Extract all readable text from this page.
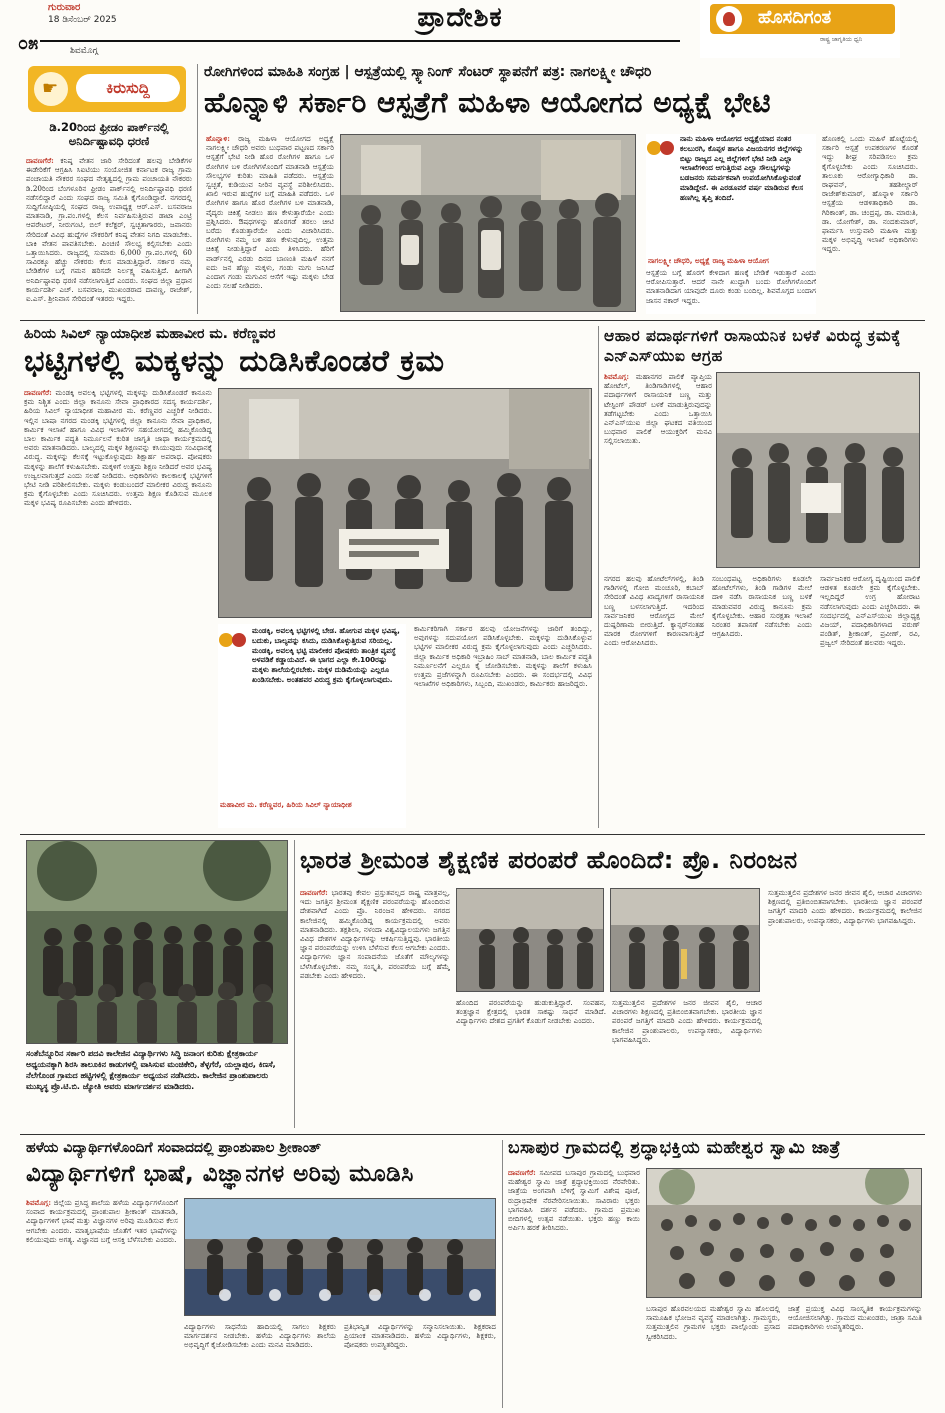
೦೫
ಗುರುವಾರ
18 ಡಿಸೆಂಬರ್ 2025
ಶಿವಮೊಗ್ಗ
ಪ್ರಾದೇಶಿಕ	ಹೊಸದಿಗಂತ
ರಾಷ್ಟ್ರ ಜಾಗೃತಿಯ ಧ್ವನಿ
☛	ಕಿರುಸುದ್ದಿ
ಡಿ.20ರಿಂದ ಫ್ರೀಡಂ ಪಾರ್ಕ್‌ನಲ್ಲಿ ಅನಿರ್ದಿಷ್ಟಾವಧಿ ಧರಣಿ
ದಾವಣಗೆರೆ: ಕನಿಷ್ಠ ವೇತನ ಜಾರಿ ಸೇರಿದಂತೆ ಹಲವು ಬೇಡಿಕೆಗಳ ಈಡೇರಿಕೆಗೆ ಆಗ್ರಹಿಸಿ ಸಿಐಟಿಯು ಸಂಯೋಜಿತ ಕರ್ನಾಟಕ ರಾಜ್ಯ ಗ್ರಾಮ ಪಂಚಾಯತಿ ನೌಕರರ ಸಂಘದ ನೇತೃತ್ವದಲ್ಲಿ ಗ್ರಾಮ ಪಂಚಾಯತಿ ನೌಕರರು ಡಿ.20ರಿಂದ ಬೆಂಗಳೂರಿನ ಫ್ರೀಡಂ ಪಾರ್ಕ್‌ನಲ್ಲಿ ಅನಿರ್ದಿಷ್ಟಾವಧಿ ಧರಣಿ ನಡೆಸಲಿದ್ದಾರೆ ಎಂದು ಸಂಘದ ರಾಜ್ಯ ಸಮಿತಿ ಕೈಗೊಂಡಿದ್ದಾರೆ. ನಗರದಲ್ಲಿ ಸುದ್ದಿಗೋಷ್ಠಿಯಲ್ಲಿ ಸಂಘದ ರಾಜ್ಯ ಉಪಾಧ್ಯಕ್ಷ ಆರ್.ಎಸ್. ಬಸವರಾಜ ಮಾತನಾಡಿ, ಗ್ರಾ.ಪಂ.ಗಳಲ್ಲಿ ಕೆಲಸ ನಿರ್ವಹಿಸುತ್ತಿರುವ ಡಾಟಾ ಎಂಟ್ರಿ ಆಪರೇಟರ್, ನೀರುಗಂಟಿ, ಬಿಲ್ ಕಲೆಕ್ಟರ್, ಸ್ವಚ್ಛತಾಗಾರರು, ಜವಾನರು ಸೇರಿದಂತೆ ವಿವಿಧ ಹುದ್ದೆಗಳ ನೌಕರರಿಗೆ ಕನಿಷ್ಠ ವೇತನ ನಿಗದಿ ಮಾಡಬೇಕು. ಬಾಕಿ ವೇತನ ಪಾವತಿಸಬೇಕು. ಪಿಂಚಣಿ ಸೌಲಭ್ಯ ಕಲ್ಪಿಸಬೇಕು ಎಂದು ಒತ್ತಾಯಿಸಿದರು. ರಾಜ್ಯದಲ್ಲಿ ಸುಮಾರು 6,000 ಗ್ರಾ.ಪಂ.ಗಳಲ್ಲಿ 60 ಸಾವಿರಕ್ಕೂ ಹೆಚ್ಚು ನೌಕರರು ಕೆಲಸ ಮಾಡುತ್ತಿದ್ದಾರೆ. ಸರ್ಕಾರ ನಮ್ಮ ಬೇಡಿಕೆಗಳ ಬಗ್ಗೆ ಗಮನ ಹರಿಸದೇ ನಿರ್ಲಕ್ಷ್ಯ ವಹಿಸುತ್ತಿದೆ. ಹೀಗಾಗಿ ಅನಿರ್ದಿಷ್ಟಾವಧಿ ಧರಣಿ ನಡೆಸಲಾಗುತ್ತಿದೆ ಎಂದರು. ಸಂಘದ ಜಿಲ್ಲಾ ಪ್ರಧಾನ ಕಾರ್ಯದರ್ಶಿ ಎಚ್. ಬಸವರಾಜ, ಮುಖಂಡರಾದ ದಾವಣ್ಣ, ರಾಜೇಶ್, ಐ.ಎಸ್. ಶ್ರೀನಿವಾಸ ಸೇರಿದಂತೆ ಇತರರು ಇದ್ದರು.
ರೋಗಿಗಳಿಂದ ಮಾಹಿತಿ ಸಂಗ್ರಹ | ಆಸ್ಪತ್ರೆಯಲ್ಲಿ ಸ್ಕ್ಯಾನಿಂಗ್ ಸೆಂಟರ್ ಸ್ಥಾಪನೆಗೆ ಪತ್ರ: ನಾಗಲಕ್ಷ್ಮೀ ಚೌಧರಿ
ಹೊನ್ನಾಳಿ ಸರ್ಕಾರಿ ಆಸ್ಪತ್ರೆಗೆ ಮಹಿಳಾ ಆಯೋಗದ ಅಧ್ಯಕ್ಷೆ ಭೇಟಿ
ಹೊನ್ನಾಳಿ: ರಾಜ್ಯ ಮಹಿಳಾ ಆಯೋಗದ ಅಧ್ಯಕ್ಷೆ ನಾಗಲಕ್ಷ್ಮೀ ಚೌಧರಿ ಅವರು ಬುಧವಾರ ಪಟ್ಟಣದ ಸರ್ಕಾರಿ ಆಸ್ಪತ್ರೆಗೆ ಭೇಟಿ ನೀಡಿ ಹೊರ ರೋಗಿಗಳ ಹಾಗೂ ಒಳ ರೋಗಿಗಳ ಬಳಿ ರೋಗಿಗಳೊಂದಿಗೆ ಮಾತನಾಡಿ ಆಸ್ಪತ್ರೆಯ ಸೌಲಭ್ಯಗಳ ಕುರಿತು ಮಾಹಿತಿ ಪಡೆದರು. ಆಸ್ಪತ್ರೆಯ ಸ್ವಚ್ಛತೆ, ಕುಡಿಯುವ ನೀರಿನ ವ್ಯವಸ್ಥೆ ಪರಿಶೀಲಿಸಿದರು. ಖಾಲಿ ಇರುವ ಹುದ್ದೆಗಳ ಬಗ್ಗೆ ಮಾಹಿತಿ ಪಡೆದರು. ಒಳ ರೋಗಿಗಳ ಹಾಗೂ ಹೊರ ರೋಗಿಗಳ ಬಳಿ ಮಾತನಾಡಿ, ವೈದ್ಯರು ಚಿಕಿತ್ಸೆ ನೀಡಲು ಹಣ ಕೇಳುತ್ತಾರೆಯೇ ಎಂದು ಪ್ರಶ್ನಿಸಿದರು. ಔಷಧಗಳನ್ನು ಹೊರಗಡೆ ತರಲು ಚೀಟಿ ಬರೆದು ಕೊಡುತ್ತಾರೆಯೇ ಎಂದು ವಿಚಾರಿಸಿದರು. ರೋಗಿಗಳು ನಮ್ಮ ಬಳಿ ಹಣ ಕೇಳುವುದಿಲ್ಲ, ಉತ್ತಮ ಚಿಕಿತ್ಸೆ ನೀಡುತ್ತಿದ್ದಾರೆ ಎಂದು ತಿಳಿಸಿದರು. ಹೆರಿಗೆ ವಾರ್ಡ್‌ನಲ್ಲಿ ಎರಡು ದಿನದ ಬಾಣಂತಿ ಮಹಿಳೆ ನನಗೆ ಐದು ಜನ ಹೆಣ್ಣು ಮಕ್ಕಳು, ಗಂಡು ಮಗು ಜನಿಸಿದೆ ಎಂದಾಗ ಗಂಡು ಮಗುವಿನ ಆಸೆಗೆ ಇಷ್ಟು ಮಕ್ಕಳು ಬೇಡ ಎಂದು ಸಲಹೆ ನೀಡಿದರು.
ನಾನು ಮಹಿಳಾ ಆಯೋಗದ ಅಧ್ಯಕ್ಷೆಯಾದ ನಂತರ ಕಲಬುರಗಿ, ಕೊಪ್ಪಳ ಹಾಗೂ ವಿಜಯನಗರ ಜಿಲ್ಲೆಗಳನ್ನು ಬಿಟ್ಟು ರಾಜ್ಯದ ಎಲ್ಲ ಜಿಲ್ಲೆಗಳಿಗೆ ಭೇಟಿ ನೀಡಿ ಎಲ್ಲಾ ಇಲಾಖೆಗಳಿಂದ ಆಗುತ್ತಿರುವ ಎಲ್ಲಾ ಸೌಲಭ್ಯಗಳನ್ನು ಬಡಜನರು ಸಮರ್ಪಕವಾಗಿ ಉಪಯೋಗಿಸಿಕೊಳ್ಳುವಂತೆ ಮಾಡಿದ್ದೇನೆ. ಈ ಎರಡೂವರೆ ವರ್ಷ ಮಾಡಿರುವ ಕೆಲಸ ಹಣಗಿಲ್ಲ ತೃಪ್ತಿ ತಂದಿದೆ.
ನಾಗಲಕ್ಷ್ಮೀ ಚೌಧರಿ, ಅಧ್ಯಕ್ಷೆ ರಾಜ್ಯ ಮಹಿಳಾ ಆಯೋಗ
ಹೊಣಕಲ್ಲಿ ಒಂದು ಮಹಿಳೆ ಹೊಟ್ಟೆಯಲ್ಲಿ ಸರ್ಕಾರಿ ಆಸ್ಪತ್ರೆ ಉಪಕರಣಗಳ ಕೊರತೆ ಇದ್ದು ಶೀಘ್ರ ಸರಿಪಡಿಸಲು ಕ್ರಮ ಕೈಗೊಳ್ಳಬೇಕು ಎಂದು ಸೂಚಿಸಿದರು. ತಾಲೂಕು ಆರೋಗ್ಯಾಧಿಕಾರಿ ಡಾ. ರಾಘವನ್, ತಹಶೀಲ್ದಾರ್ ರಾಜೇಶ್‌ಕುಮಾರ್, ಹೊನ್ನಾಳಿ ಸರ್ಕಾರಿ ಆಸ್ಪತ್ರೆಯ ಆಡಳಿತಾಧಿಕಾರಿ ಡಾ. ಗಿರಿಕಾಂತ್, ಡಾ. ಚಂದ್ರಪ್ಪ, ಡಾ. ಮಾರುತಿ, ಡಾ. ಯೋಗೇಶ್, ಡಾ. ನಂದಕುಮಾರ್, ಫಾರ್ಮಸಿ ಉಸ್ತುವಾರಿ ಮಹಿಳಾ ಮತ್ತು ಮಕ್ಕಳ ಅಭಿವೃದ್ಧಿ ಇಲಾಖೆ ಅಧಿಕಾರಿಗಳು ಇದ್ದರು.
ಹಿರಿಯ ಸಿವಿಲ್ ನ್ಯಾಯಾಧೀಶ ಮಹಾವೀರ ಮ. ಕರೆಣ್ಣವರ
ಭಟ್ಟಿಗಳಲ್ಲಿ ಮಕ್ಕಳನ್ನು ದುಡಿಸಿಕೊಂಡರೆ ಕ್ರಮ
ದಾವಣಗೆರೆ: ಮಂಡಕ್ಕಿ ಅವಲಕ್ಕಿ ಭಟ್ಟಿಗಳಲ್ಲಿ ಮಕ್ಕಳನ್ನು ದುಡಿಸಿಕೊಂಡರೆ ಕಾನೂನು ಕ್ರಮ ನಿಶ್ಚಿತ ಎಂದು ಜಿಲ್ಲಾ ಕಾನೂನು ಸೇವಾ ಪ್ರಾಧಿಕಾರದ ಸದಸ್ಯ ಕಾರ್ಯದರ್ಶಿ, ಹಿರಿಯ ಸಿವಿಲ್ ನ್ಯಾಯಾಧೀಶ ಮಹಾವೀರ ಮ. ಕರೆಣ್ಣವರ ಎಚ್ಚರಿಕೆ ನೀಡಿದರು. ಇಲ್ಲಿನ ಬಾಷಾ ನಗರದ ಮಂಡಕ್ಕಿ ಭಟ್ಟಿಗಳಲ್ಲಿ ಜಿಲ್ಲಾ ಕಾನೂನು ಸೇವಾ ಪ್ರಾಧಿಕಾರ, ಕಾರ್ಮಿಕ ಇಲಾಖೆ ಹಾಗೂ ವಿವಿಧ ಇಲಾಖೆಗಳ ಸಹಯೋಗದಲ್ಲಿ ಹಮ್ಮಿಕೊಂಡಿದ್ದ ಬಾಲ ಕಾರ್ಮಿಕ ಪದ್ಧತಿ ನಿರ್ಮೂಲನೆ ಕುರಿತ ಜಾಗೃತಿ ಜಾಥಾ ಕಾರ್ಯಕ್ರಮದಲ್ಲಿ ಅವರು ಮಾತನಾಡಿದರು. ಬಾಲ್ಯದಲ್ಲಿ ಮಕ್ಕಳ ಶಿಕ್ಷಣವನ್ನು ಕಸಿಯುವುದು ಸಂವಿಧಾನಕ್ಕೆ ವಿರುದ್ಧ. ಮಕ್ಕಳನ್ನು ಕೆಲಸಕ್ಕೆ ಇಟ್ಟುಕೊಳ್ಳುವುದು ಶಿಕ್ಷಾರ್ಹ ಅಪರಾಧ. ಪೋಷಕರು ಮಕ್ಕಳನ್ನು ಶಾಲೆಗೆ ಕಳುಹಿಸಬೇಕು. ಮಕ್ಕಳಿಗೆ ಉತ್ತಮ ಶಿಕ್ಷಣ ನೀಡಿದರೆ ಅವರ ಭವಿಷ್ಯ ಉಜ್ವಲವಾಗುತ್ತದೆ ಎಂದು ಸಲಹೆ ನೀಡಿದರು. ಅಧಿಕಾರಿಗಳು ಕಾಲಕಾಲಕ್ಕೆ ಭಟ್ಟಿಗಳಿಗೆ ಭೇಟಿ ನೀಡಿ ಪರಿಶೀಲಿಸಬೇಕು. ಮಕ್ಕಳು ಕಂಡುಬಂದರೆ ಮಾಲೀಕರ ವಿರುದ್ಧ ಕಾನೂನು ಕ್ರಮ ಕೈಗೊಳ್ಳಬೇಕು ಎಂದು ಸೂಚಿಸಿದರು. ಉತ್ತಮ ಶಿಕ್ಷಣ ಕೊಡಿಸುವ ಮೂಲಕ ಮಕ್ಕಳ ಭವಿಷ್ಯ ರೂಪಿಸಬೇಕು ಎಂದು ಹೇಳಿದರು.
ಮಂಡಕ್ಕಿ, ಅವಲಕ್ಕಿ ಭಟ್ಟಿಗಳಲ್ಲಿ ಬೇಡ. ಹೋಗುವ ಮಕ್ಕಳ ಭವಿಷ್ಯ, ಬದುಕು, ಬಾಲ್ಯವನ್ನು ಕಸಿದು, ದುಡಿಸಿಕೊಳ್ಳುತ್ತಿರುವ ಸರಿಯಲ್ಲ. ಮಂಡಕ್ಕಿ, ಅವಲಕ್ಕಿ ಭಟ್ಟಿ ಮಾಲೀಕರ ಪೋಷಕರು ತಾಂತ್ರಿಕ ವ್ಯವಸ್ಥೆ ಅಳವಡಿಕೆ ಕಡ್ಡಾಯವಿದೆ. ಈ ಭಾಗದ ಎಲ್ಲಾ ಕೇ.100ರಷ್ಟು ಮಕ್ಕಳು ಶಾಲೆಯಲ್ಲಿರಬೇಕು. ಮಕ್ಕಳ ದುಡಿಮೆಯನ್ನು ಎಲ್ಲರೂ ಖಂಡಿಸಬೇಕು. ಅಂತಹವರ ವಿರುದ್ಧ ಕ್ರಮ ಕೈಗೊಳ್ಳಲಾಗುವುದು.
ಮಹಾವೀರ ಮ. ಕರೆಣ್ಣವರ, ಹಿರಿಯ ಸಿವಿಲ್ ನ್ಯಾಯಾಧೀಶ
ಕಾರ್ಮಿಕರಿಗಾಗಿ ಸರ್ಕಾರ ಹಲವು ಯೋಜನೆಗಳನ್ನು ಜಾರಿಗೆ ತಂದಿದ್ದು, ಅವುಗಳನ್ನು ಸದುಪಯೋಗ ಪಡಿಸಿಕೊಳ್ಳಬೇಕು. ಮಕ್ಕಳನ್ನು ದುಡಿಸಿಕೊಳ್ಳುವ ಭಟ್ಟಿಗಳ ಮಾಲೀಕರ ವಿರುದ್ಧ ಕ್ರಮ ಕೈಗೊಳ್ಳಲಾಗುವುದು ಎಂದು ಎಚ್ಚರಿಸಿದರು. ಜಿಲ್ಲಾ ಕಾರ್ಮಿಕ ಅಧಿಕಾರಿ ಇಬ್ರಾಹಿಂ ಸಾಬ್ ಮಾತನಾಡಿ, ಬಾಲ ಕಾರ್ಮಿಕ ಪದ್ಧತಿ ನಿರ್ಮೂಲನೆಗೆ ಎಲ್ಲರೂ ಕೈ ಜೋಡಿಸಬೇಕು. ಮಕ್ಕಳನ್ನು ಶಾಲೆಗೆ ಕಳುಹಿಸಿ ಉತ್ತಮ ಪ್ರಜೆಗಳನ್ನಾಗಿ ರೂಪಿಸಬೇಕು ಎಂದರು. ಈ ಸಂದರ್ಭದಲ್ಲಿ ವಿವಿಧ ಇಲಾಖೆಗಳ ಅಧಿಕಾರಿಗಳು, ಸಿಬ್ಬಂದಿ, ಮುಖಂಡರು, ಕಾರ್ಮಿಕರು ಹಾಜರಿದ್ದರು.
ಆಹಾರ ಪದಾರ್ಥಗಳಿಗೆ ರಾಸಾಯನಿಕ ಬಳಕೆ ವಿರುದ್ಧ ಕ್ರಮಕ್ಕೆ ಎನ್‌ಎಸ್‌ಯುಐ ಆಗ್ರಹ
ಶಿವಮೊಗ್ಗ: ಮಹಾನಗರ ಪಾಲಿಕೆ ವ್ಯಾಪ್ತಿಯ ಹೋಟೆಲ್, ತಿಂಡಿಗಾಡಿಗಳಲ್ಲಿ ಆಹಾರ ಪದಾರ್ಥಗಳಿಗೆ ರಾಸಾಯನಿಕ ಬಣ್ಣ ಮತ್ತು ಟೇಸ್ಟಿಂಗ್ ಪೌಡರ್ ಬಳಕೆ ಮಾಡುತ್ತಿರುವುದನ್ನು ತಡೆಗಟ್ಟಬೇಕು ಎಂದು ಒತ್ತಾಯಿಸಿ ಎನ್‌ಎಸ್‌ಯುಐ ಜಿಲ್ಲಾ ಘಟಕದ ವತಿಯಿಂದ ಬುಧವಾರ ಪಾಲಿಕೆ ಆಯುಕ್ತರಿಗೆ ಮನವಿ ಸಲ್ಲಿಸಲಾಯಿತು.
ನಗರದ ಹಲವು ಹೋಟೆಲ್‌ಗಳಲ್ಲಿ, ತಿಂಡಿ ಗಾಡಿಗಳಲ್ಲಿ ಗೋಬಿ ಮಂಚೂರಿ, ಕಬಾಬ್ ಸೇರಿದಂತೆ ವಿವಿಧ ಖಾದ್ಯಗಳಿಗೆ ರಾಸಾಯನಿಕ ಬಣ್ಣ ಬಳಸಲಾಗುತ್ತಿದೆ. ಇದರಿಂದ ಸಾರ್ವಜನಿಕರ ಆರೋಗ್ಯದ ಮೇಲೆ ದುಷ್ಪರಿಣಾಮ ಬೀರುತ್ತಿದೆ. ಕ್ಯಾನ್ಸರ್‌ನಂತಹ ಮಾರಕ ರೋಗಗಳಿಗೆ ಕಾರಣವಾಗುತ್ತಿದೆ ಎಂದು ಆರೋಪಿಸಿದರು.
ಸಂಬಂಧಪಟ್ಟ ಅಧಿಕಾರಿಗಳು ಕೂಡಲೇ ಹೋಟೆಲ್‌ಗಳು, ತಿಂಡಿ ಗಾಡಿಗಳ ಮೇಲೆ ದಾಳಿ ನಡೆಸಿ ರಾಸಾಯನಿಕ ಬಣ್ಣ ಬಳಕೆ ಮಾಡುವವರ ವಿರುದ್ಧ ಕಾನೂನು ಕ್ರಮ ಕೈಗೊಳ್ಳಬೇಕು. ಆಹಾರ ಸುರಕ್ಷತಾ ಇಲಾಖೆ ನಿರಂತರ ತಪಾಸಣೆ ನಡೆಸಬೇಕು ಎಂದು ಆಗ್ರಹಿಸಿದರು.
ಸಾರ್ವಜನಿಕರ ಆರೋಗ್ಯ ದೃಷ್ಟಿಯಿಂದ ಪಾಲಿಕೆ ಆಡಳಿತ ಕೂಡಲೇ ಕ್ರಮ ಕೈಗೊಳ್ಳಬೇಕು. ಇಲ್ಲದಿದ್ದರೆ ಉಗ್ರ ಹೋರಾಟ ನಡೆಸಲಾಗುವುದು ಎಂದು ಎಚ್ಚರಿಸಿದರು. ಈ ಸಂದರ್ಭದಲ್ಲಿ ಎನ್‌ಎಸ್‌ಯುಐ ಜಿಲ್ಲಾಧ್ಯಕ್ಷ ವಿಜಯ್, ಪದಾಧಿಕಾರಿಗಳಾದ ವರುಣ್ ಪಂಡಿತ್, ಶ್ರೀಕಾಂತ್, ಪ್ರವೀಣ್, ರವಿ, ಪ್ರಜ್ವಲ್ ಸೇರಿದಂತೆ ಹಲವರು ಇದ್ದರು.
ಸಂತೆಬೆನ್ನೂರಿನ ಸರ್ಕಾರಿ ಪದವಿ ಕಾಲೇಜಿನ ವಿದ್ಯಾರ್ಥಿಗಳು ಸಿದ್ಧಿ ಜನಾಂಗ ಕುರಿತು ಕ್ಷೇತ್ರಕಾರ್ಯ ಅಧ್ಯಯನಕ್ಕಾಗಿ ಶಿರಸಿ ತಾಲೂಕಿನ ಕಾಡುಗಳಲ್ಲಿ ವಾಸಿಸುವ ಮಂಚಿಕೇರಿ, ತೆಳ್ಳಗೆರೆ, ಯಲ್ಲಾಪುರ, ಕಿಣಸೆ, ನೆಲೆಗೊಂಡ ಗ್ರಾಮದ ಹಟ್ಟಿಗಳಲ್ಲಿ ಕ್ಷೇತ್ರಕಾರ್ಯ ಅಧ್ಯಯನ ನಡೆಸಿದರು. ಕಾಲೇಜಿನ ಪ್ರಾಂಶುಪಾಲರು ಮುಖ್ಯಸ್ಥ ಪ್ರೊ.ಟಿ.ಬಿ. ಜ್ಯೋತಿ ಅವರು ಮಾರ್ಗದರ್ಶನ ಮಾಡಿದರು.
ಭಾರತ ಶ್ರೀಮಂತ ಶೈಕ್ಷಣಿಕ ಪರಂಪರೆ ಹೊಂದಿದೆ: ಪ್ರೊ. ನಿರಂಜನ
ದಾವಣಗೆರೆ: ಭಾರತವು ಕೇವಲ ಪ್ರಸ್ತುತವಲ್ಲದ ರಾಷ್ಟ್ರ ಮಾತ್ರವಲ್ಲ, ಇದು ಜಗತ್ತಿನ ಶ್ರೀಮಂತ ಶೈಕ್ಷಣಿಕ ಪರಂಪರೆಯನ್ನು ಹೊಂದಿರುವ ದೇಶವಾಗಿದೆ ಎಂದು ಪ್ರೊ. ನಿರಂಜನ ಹೇಳಿದರು. ನಗರದ ಕಾಲೇಜಿನಲ್ಲಿ ಹಮ್ಮಿಕೊಂಡಿದ್ದ ಕಾರ್ಯಕ್ರಮದಲ್ಲಿ ಅವರು ಮಾತನಾಡಿದರು. ತಕ್ಷಶಿಲಾ, ನಳಂದಾ ವಿಶ್ವವಿದ್ಯಾಲಯಗಳು ಜಗತ್ತಿನ ವಿವಿಧ ದೇಶಗಳ ವಿದ್ಯಾರ್ಥಿಗಳನ್ನು ಆಕರ್ಷಿಸುತ್ತಿದ್ದವು. ಭಾರತೀಯ ಜ್ಞಾನ ಪರಂಪರೆಯನ್ನು ಉಳಿಸಿ ಬೆಳೆಸುವ ಕೆಲಸ ಆಗಬೇಕು ಎಂದರು. ವಿದ್ಯಾರ್ಥಿಗಳು ಜ್ಞಾನ ಸಂಪಾದನೆಯ ಜೊತೆಗೆ ಮೌಲ್ಯಗಳನ್ನು ಬೆಳೆಸಿಕೊಳ್ಳಬೇಕು. ನಮ್ಮ ಸಂಸ್ಕೃತಿ, ಪರಂಪರೆಯ ಬಗ್ಗೆ ಹೆಮ್ಮೆ ಪಡಬೇಕು ಎಂದು ಹೇಳಿದರು.
ಹೊಂದಿದ ಪರಂಪರೆಯನ್ನು ಹುಡುಕುತ್ತಿದ್ದಾರೆ. ಸಂವಹನ, ತಂತ್ರಜ್ಞಾನ ಕ್ಷೇತ್ರದಲ್ಲಿ ಭಾರತ ಸಾಕಷ್ಟು ಸಾಧನೆ ಮಾಡಿದೆ. ವಿದ್ಯಾರ್ಥಿಗಳು ದೇಶದ ಪ್ರಗತಿಗೆ ಕೊಡುಗೆ ನೀಡಬೇಕು ಎಂದರು.
ಸುತ್ತಮುತ್ತಲಿನ ಪ್ರದೇಶಗಳ ಜನರ ಜೀವನ ಶೈಲಿ, ಆಚಾರ ವಿಚಾರಗಳು ಶಿಕ್ಷಣದಲ್ಲಿ ಪ್ರತಿಬಿಂಬಿತವಾಗಬೇಕು. ಭಾರತೀಯ ಜ್ಞಾನ ಪರಂಪರೆ ಜಗತ್ತಿಗೆ ಮಾದರಿ ಎಂದು ಹೇಳಿದರು. ಕಾರ್ಯಕ್ರಮದಲ್ಲಿ ಕಾಲೇಜಿನ ಪ್ರಾಂಶುಪಾಲರು, ಉಪನ್ಯಾಸಕರು, ವಿದ್ಯಾರ್ಥಿಗಳು ಭಾಗವಹಿಸಿದ್ದರು.
ಸುತ್ತಮುತ್ತಲಿನ ಪ್ರದೇಶಗಳ ಜನರ ಜೀವನ ಶೈಲಿ, ಆಚಾರ ವಿಚಾರಗಳು ಶಿಕ್ಷಣದಲ್ಲಿ ಪ್ರತಿಬಿಂಬಿತವಾಗಬೇಕು. ಭಾರತೀಯ ಜ್ಞಾನ ಪರಂಪರೆ ಜಗತ್ತಿಗೆ ಮಾದರಿ ಎಂದು ಹೇಳಿದರು. ಕಾರ್ಯಕ್ರಮದಲ್ಲಿ ಕಾಲೇಜಿನ ಪ್ರಾಂಶುಪಾಲರು, ಉಪನ್ಯಾಸಕರು, ವಿದ್ಯಾರ್ಥಿಗಳು ಭಾಗವಹಿಸಿದ್ದರು.
ಹಳೆಯ ವಿದ್ಯಾರ್ಥಿಗಳೊಂದಿಗೆ ಸಂವಾದದಲ್ಲಿ ಪ್ರಾಂಶುಪಾಲ ಶ್ರೀಕಾಂತ್
ವಿದ್ಯಾರ್ಥಿಗಳಿಗೆ ಭಾಷೆ, ವಿಜ್ಞಾನಗಳ ಅರಿವು ಮೂಡಿಸಿ
ಶಿವಮೊಗ್ಗ: ಜಿಲ್ಲೆಯ ಪ್ರಸಿದ್ಧ ಶಾಲೆಯ ಹಳೆಯ ವಿದ್ಯಾರ್ಥಿಗಳೊಂದಿಗೆ ಸಂವಾದ ಕಾರ್ಯಕ್ರಮದಲ್ಲಿ ಪ್ರಾಂಶುಪಾಲ ಶ್ರೀಕಾಂತ್ ಮಾತನಾಡಿ, ವಿದ್ಯಾರ್ಥಿಗಳಿಗೆ ಭಾಷೆ ಮತ್ತು ವಿಜ್ಞಾನಗಳ ಅರಿವು ಮೂಡಿಸುವ ಕೆಲಸ ಆಗಬೇಕು ಎಂದರು. ಮಾತೃಭಾಷೆಯ ಜೊತೆಗೆ ಇತರ ಭಾಷೆಗಳನ್ನು ಕಲಿಯುವುದು ಅಗತ್ಯ. ವಿಜ್ಞಾನದ ಬಗ್ಗೆ ಆಸಕ್ತಿ ಬೆಳೆಸಬೇಕು ಎಂದರು.
ವಿದ್ಯಾರ್ಥಿಗಳು ಸಾಧನೆಯ ಹಾದಿಯಲ್ಲಿ ಸಾಗಲು ಶಿಕ್ಷಕರು ಮಾರ್ಗದರ್ಶನ ನೀಡಬೇಕು. ಹಳೆಯ ವಿದ್ಯಾರ್ಥಿಗಳು ಶಾಲೆಯ ಅಭಿವೃದ್ಧಿಗೆ ಕೈಜೋಡಿಸಬೇಕು ಎಂದು ಮನವಿ ಮಾಡಿದರು.
ಪ್ರತಿಭಾನ್ವಿತ ವಿದ್ಯಾರ್ಥಿಗಳನ್ನು ಸನ್ಮಾನಿಸಲಾಯಿತು. ಶಿಕ್ಷಕರಾದ ಪ್ರಿಯಾಂಕ ಮಾತನಾಡಿದರು. ಹಳೆಯ ವಿದ್ಯಾರ್ಥಿಗಳು, ಶಿಕ್ಷಕರು, ಪೋಷಕರು ಉಪಸ್ಥಿತರಿದ್ದರು.
ಬಸಾಪುರ ಗ್ರಾಮದಲ್ಲಿ ಶ್ರದ್ಧಾಭಕ್ತಿಯ ಮಹೇಶ್ವರ ಸ್ವಾಮಿ ಜಾತ್ರೆ
ದಾವಣಗೆರೆ: ಸಮೀಪದ ಬಸಾಪುರ ಗ್ರಾಮದಲ್ಲಿ ಬುಧವಾರ ಮಹೇಶ್ವರ ಸ್ವಾಮಿ ಜಾತ್ರೆ ಶ್ರದ್ಧಾಭಕ್ತಿಯಿಂದ ನೆರವೇರಿತು. ಜಾತ್ರೆಯ ಅಂಗವಾಗಿ ಬೆಳಿಗ್ಗೆ ಸ್ವಾಮಿಗೆ ವಿಶೇಷ ಪೂಜೆ, ರುದ್ರಾಭಿಷೇಕ ನೆರವೇರಿಸಲಾಯಿತು. ಸಾವಿರಾರು ಭಕ್ತರು ಭಾಗವಹಿಸಿ ದರ್ಶನ ಪಡೆದರು. ಗ್ರಾಮದ ಪ್ರಮುಖ ಬೀದಿಗಳಲ್ಲಿ ಉತ್ಸವ ನಡೆಯಿತು. ಭಕ್ತರು ಹಣ್ಣು ಕಾಯಿ ಅರ್ಪಿಸಿ ಹರಕೆ ತೀರಿಸಿದರು.
ಬಸಾಪುರ ಹೊರವಲಯದ ಮಹೇಶ್ವರ ಸ್ವಾಮಿ ಹೊಲದಲ್ಲಿ ಸಾಮೂಹಿಕ ಭೋಜನ ವ್ಯವಸ್ಥೆ ಮಾಡಲಾಗಿತ್ತು. ಗ್ರಾಮಸ್ಥರು, ಸುತ್ತಮುತ್ತಲಿನ ಗ್ರಾಮಗಳ ಭಕ್ತರು ಪಾಲ್ಗೊಂಡು ಪ್ರಸಾದ ಸ್ವೀಕರಿಸಿದರು.
ಜಾತ್ರೆ ಪ್ರಯುಕ್ತ ವಿವಿಧ ಸಾಂಸ್ಕೃತಿಕ ಕಾರ್ಯಕ್ರಮಗಳನ್ನು ಆಯೋಜಿಸಲಾಗಿತ್ತು. ಗ್ರಾಮದ ಮುಖಂಡರು, ಜಾತ್ರಾ ಸಮಿತಿ ಪದಾಧಿಕಾರಿಗಳು ಉಪಸ್ಥಿತರಿದ್ದರು.
ಆಸ್ಪತ್ರೆಯ ಬಗ್ಗೆ ಹೊರಗೆ ಕೇಳಿದಾಗ ಹಣಕ್ಕೆ ಬೇಡಿಕೆ ಇಡುತ್ತಾರೆ ಎಂದು ಆರೋಪಿಸುತ್ತಾರೆ. ಆದರೆ ನಾನೇ ಖುದ್ದಾಗಿ ಬಂದು ರೋಗಿಗಳೊಂದಿಗೆ ಮಾತನಾಡಿದಾಗ ಯಾವುದೇ ದೂರು ಕಂಡು ಬಂದಿಲ್ಲ. ಶಿವಮೊಗ್ಗದ ಬಂದಾಗ ಜಾಸನ ನಕಾರ್ ಇದ್ದರು.
